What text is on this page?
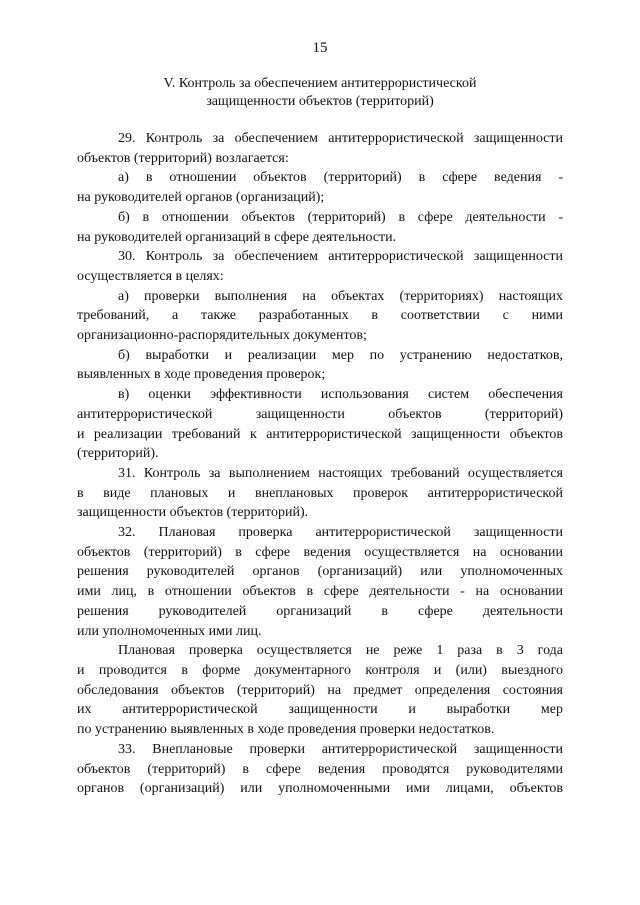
15
V. Контроль за обеспечением антитеррористической
защищенности объектов (территорий)
29. Контроль за обеспечением антитеррористической защищенности
объектов (территорий) возлагается:
а) в отношении объектов (территорий) в сфере ведения -
на руководителей органов (организаций);
б) в отношении объектов (территорий) в сфере деятельности -
на руководителей организаций в сфере деятельности.
30. Контроль за обеспечением антитеррористической защищенности
осуществляется в целях:
а) проверки выполнения на объектах (территориях) настоящих
требований, а также разработанных в соответствии с ними
организационно-распорядительных документов;
б) выработки и реализации мер по устранению недостатков,
выявленных в ходе проведения проверок;
в) оценки эффективности использования систем обеспечения
антитеррористической защищенности объектов (территорий)
и реализации требований к антитеррористической защищенности объектов
(территорий).
31. Контроль за выполнением настоящих требований осуществляется
в виде плановых и внеплановых проверок антитеррористической
защищенности объектов (территорий).
32. Плановая проверка антитеррористической защищенности
объектов (территорий) в сфере ведения осуществляется на основании
решения руководителей органов (организаций) или уполномоченных
ими лиц, в отношении объектов в сфере деятельности - на основании
решения руководителей организаций в сфере деятельности
или уполномоченных ими лиц.
Плановая проверка осуществляется не реже 1 раза в 3 года
и проводится в форме документарного контроля и (или) выездного
обследования объектов (территорий) на предмет определения состояния
их антитеррористической защищенности и выработки мер
по устранению выявленных в ходе проведения проверки недостатков.
33. Внеплановые проверки антитеррористической защищенности
объектов (территорий) в сфере ведения проводятся руководителями
органов (организаций) или уполномоченными ими лицами, объектов
